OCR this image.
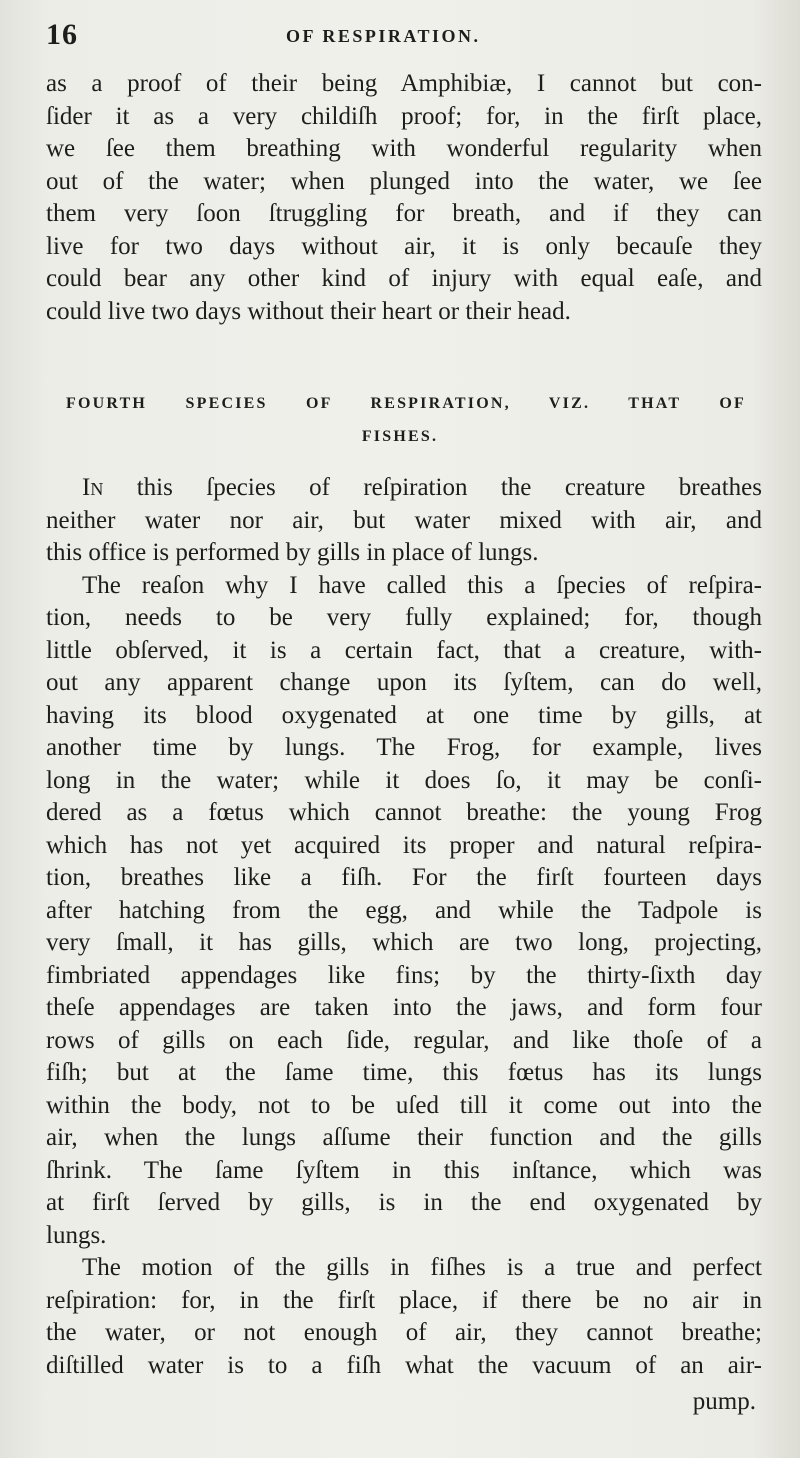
16	OF RESPIRATION.
as a proof of their being Amphibiæ, I cannot but con-
ſider it as a very childiſh proof; for, in the firſt place,
we ſee them breathing with wonderful regularity when
out of the water; when plunged into the water, we ſee
them very ſoon ſtruggling for breath, and if they can
live for two days without air, it is only becauſe they
could bear any other kind of injury with equal eaſe, and
could live two days without their heart or their head.
FOURTH SPECIES OF RESPIRATION, VIZ. THAT OF
FISHES.
In this ſpecies of reſpiration the creature breathes
neither water nor air, but water mixed with air, and
this office is performed by gills in place of lungs.
The reaſon why I have called this a ſpecies of reſpira-
tion, needs to be very fully explained; for, though
little obſerved, it is a certain fact, that a creature, with-
out any apparent change upon its ſyſtem, can do well,
having its blood oxygenated at one time by gills, at
another time by lungs. The Frog, for example, lives
long in the water; while it does ſo, it may be conſi-
dered as a fœtus which cannot breathe: the young Frog
which has not yet acquired its proper and natural reſpira-
tion, breathes like a fiſh. For the firſt fourteen days
after hatching from the egg, and while the Tadpole is
very ſmall, it has gills, which are two long, projecting,
fimbriated appendages like fins; by the thirty-ſixth day
theſe appendages are taken into the jaws, and form four
rows of gills on each ſide, regular, and like thoſe of a
fiſh; but at the ſame time, this fœtus has its lungs
within the body, not to be uſed till it come out into the
air, when the lungs aſſume their function and the gills
ſhrink. The ſame ſyſtem in this inſtance, which was
at firſt ſerved by gills, is in the end oxygenated by
lungs.
The motion of the gills in fiſhes is a true and perfect
reſpiration: for, in the firſt place, if there be no air in
the water, or not enough of air, they cannot breathe;
diſtilled water is to a fiſh what the vacuum of an air-
pump.
